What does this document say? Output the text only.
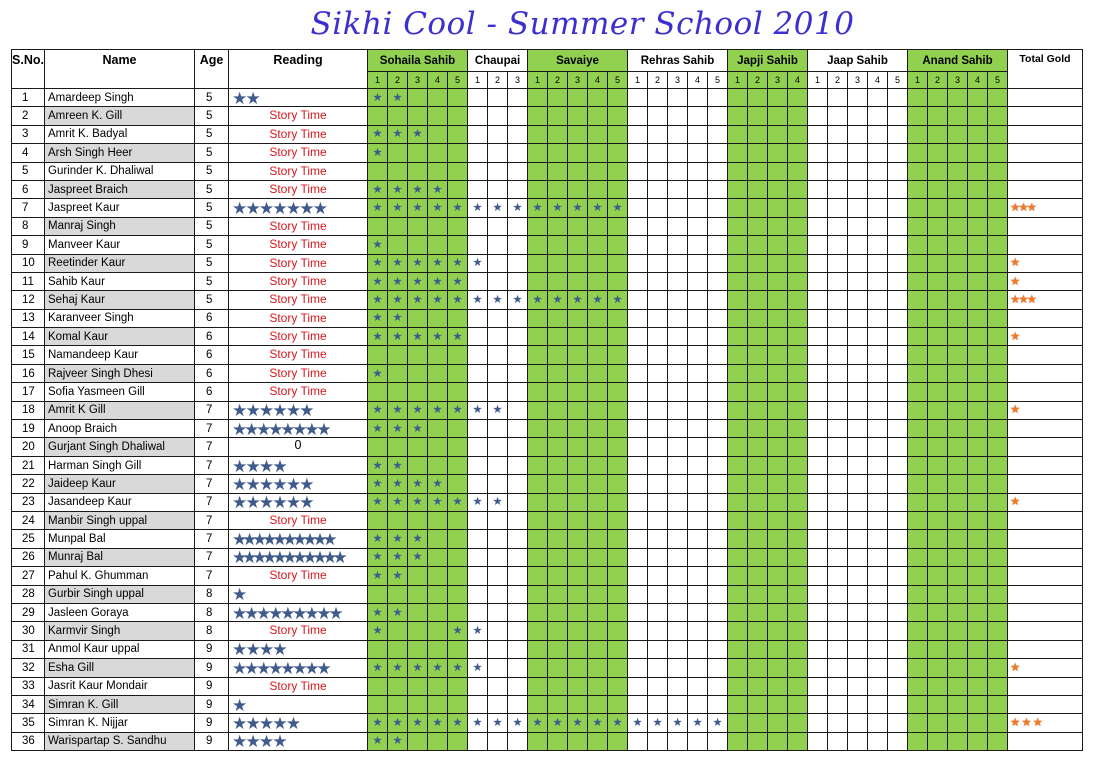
Sikhi Cool - Summer School 2010
S.No.	Name	Age	Reading	Sohaila Sahib					Chaupai			Savaiye					Rehras Sahib					Japji Sahib				Jaap Sahib					Anand Sahib					Total Gold
				1	2	3	4	5	1	2	3	1	2	3	4	5	1	2	3	4	5	1	2	3	4	1	2	3	4	5	1	2	3	4	5	
1	Amardeep Singh	5	★★	★	★																															
2	Amreen K. Gill	5	Story Time																																	

3	Amrit K. Badyal	5	Story Time	★	★	★																														
4	Arsh Singh Heer	5	Story Time	★																																
5	Gurinder K. Dhaliwal	5	Story Time																																	

6	Jaspreet Braich	5	Story Time	★	★	★	★																													
7	Jaspreet Kaur	5	★★★★★★★	★	★	★	★	★	★	★	★	★	★	★	★	★																				★★★
8	Manraj Singh	5	Story Time																																	

9	Manveer Kaur	5	Story Time	★																																
10	Reetinder Kaur	5	Story Time	★	★	★	★	★	★																											★
11	Sahib Kaur	5	Story Time	★	★	★	★	★																												★
12	Sehaj Kaur	5	Story Time	★	★	★	★	★	★	★	★	★	★	★	★	★																				★★★
13	Karanveer Singh	6	Story Time	★	★																															
14	Komal Kaur	6	Story Time	★	★	★	★	★																												★
15	Namandeep Kaur	6	Story Time																																	

16	Rajveer Singh Dhesi	6	Story Time	★																																
17	Sofia Yasmeen Gill	6	Story Time																																	

18	Amrit K Gill	7	★★★★★★	★	★	★	★	★	★	★																										★
19	Anoop Braich	7	★★★★★★★★	★	★	★																														
20	Gurjant Singh Dhaliwal	7	0																																	

21	Harman Singh Gill	7	★★★★	★	★																															
22	Jaideep Kaur	7	★★★★★★	★	★	★	★																													
23	Jasandeep Kaur	7	★★★★★★	★	★	★	★	★	★	★																										★
24	Manbir Singh uppal	7	Story Time																																	

25	Munpal Bal	7	★★★★★★★★★★	★	★	★																														
26	Munraj Bal	7	★★★★★★★★★★★	★	★	★																														
27	Pahul K. Ghumman	7	Story Time	★	★																															
28	Gurbir Singh uppal	8	★																																	
29	Jasleen Goraya	8	★★★★★★★★★	★	★																															
30	Karmvir Singh	8	Story Time	★				★	★																											
31	Anmol Kaur uppal	9	★★★★																																	
32	Esha Gill	9	★★★★★★★★	★	★	★	★	★	★																											★
33	Jasrit Kaur Mondair	9	Story Time																																	

34	Simran K. Gill	9	★																																	
35	Simran K. Nijjar	9	★★★★★	★	★	★	★	★	★	★	★	★	★	★	★	★	★	★	★	★	★															★ ★ ★
36	Warispartap S. Sandhu	9	★★★★	★	★																															
